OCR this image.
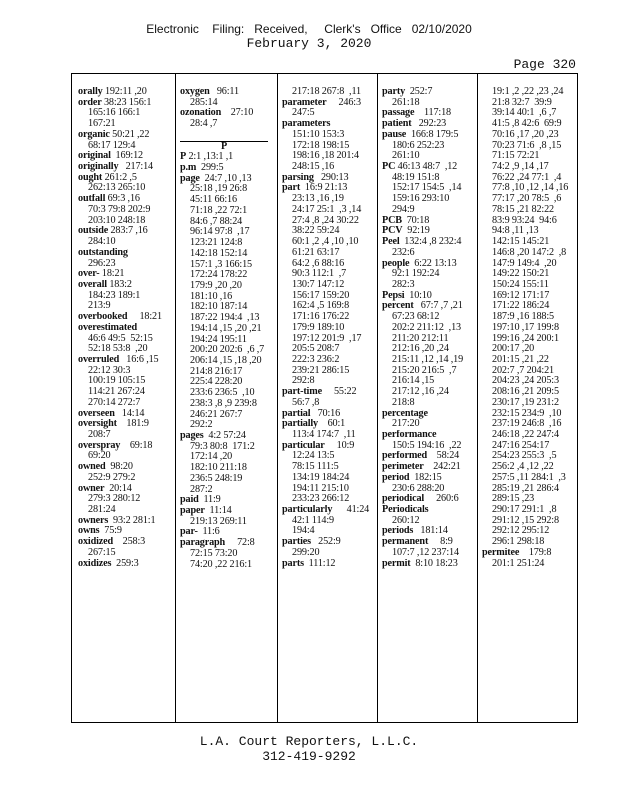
Electronic    Filing:   Received,     Clerk's   Office   02/10/2020
February 3, 2020
Page 320
orally 192:11 ,20
order 38:23 156:1
165:16 166:1
167:21
organic 50:21 ,22
68:17 129:4
original  169:12
originally   217:14
ought 261:2 ,5
262:13 265:10
outfall 69:3 ,16
70:3 79:8 202:9
203:10 248:18
outside 283:7 ,16
284:10
outstanding
296:23
over- 18:21
overall 183:2
184:23 189:1
213:9
overbooked     18:21
overestimated
46:6 49:5  52:15
52:18 53:8  ,20
overruled   16:6 ,15
22:12 30:3
100:19 105:15
114:21 267:24
270:14 272:7
overseen   14:14
oversight    181:9
208:7
overspray    69:18
69:20
owned  98:20
252:9 279:2
owner  20:14
279:3 280:12
281:24
owners  93:2 281:1
owns  75:9
oxidized    258:3
267:15
oxidizes  259:3
oxygen   96:11
285:14
ozonation    27:10
28:4 ,7
P
P 2:1 ,13:1 ,1
p.m  299:5
page  24:7 ,10 ,13
25:18 ,19 26:8
45:11 66:16
71:18 ,22 72:1
84:6 ,7 88:24
96:14 97:8  ,17
123:21 124:8
142:18 152:14
157:1 ,3 166:15
172:24 178:22
179:9 ,20 ,20
181:10 ,16
182:10 187:14
187:22 194:4  ,13
194:14 ,15 ,20 ,21
194:24 195:11
200:20 202:6  ,6 ,7
206:14 ,15 ,18 ,20
214:8 216:17
225:4 228:20
233:6 236:5  ,10
238:3 ,8 ,9 239:8
246:21 267:7
292:2
pages  4:2 57:24
79:3 80:8  171:2
172:14 ,20
182:10 211:18
236:5 248:19
287:2
paid  11:9
paper  11:14
219:13 269:11
par-  11:6
paragraph     72:8
72:15 73:20
74:20 ,22 216:1
217:18 267:8  ,11
parameter     246:3
247:5
parameters
151:10 153:3
172:18 198:15
198:16 ,18 201:4
248:15 ,16
parsing   290:13
part  16:9 21:13
23:13 ,16 ,19
24:17 25:1  ,3 ,14
27:4 ,8 ,24 30:22
38:22 59:24
60:1 ,2 ,4 ,10 ,10
61:21 63:17
64:2 ,6 88:16
90:3 112:1  ,7
130:7 147:12
156:17 159:20
162:4 ,5 169:8
171:16 176:22
179:9 189:10
197:12 201:9  ,17
205:5 208:7
222:3 236:2
239:21 286:15
292:8
part-time     55:22
56:7 ,8
partial   70:16
partially    60:1
113:4 174:7  ,11
particular     10:9
12:24 13:5
78:15 111:5
134:19 184:24
194:11 215:10
233:23 266:12
particularly      41:24
42:1 114:9
194:4
parties   252:9
299:20
parts  111:12
party  252:7
261:18
passage    117:18
patient   292:23
pause  166:8 179:5
180:6 252:23
261:10
PC 46:13 48:7  ,12
48:19 151:8
152:17 154:5  ,14
159:16 293:10
294:9
PCB  70:18
PCV  92:19
Peel  132:4 ,8 232:4
232:6
people  6:22 13:13
92:1 192:24
282:3
Pepsi  10:10
percent   67:7 ,7 ,21
67:23 68:12
202:2 211:12  ,13
211:20 212:11
212:16 ,20 ,24
215:11 ,12 ,14 ,19
215:20 216:5  ,7
216:14 ,15
217:12 ,16 ,24
218:8
percentage
217:20
performance
150:5 194:16  ,22
performed    58:24
perimeter    242:21
period  182:15
230:6 288:20
periodical     260:6
Periodicals
260:12
periods   181:14
permanent     8:9
107:7 ,12 237:14
permit  8:10 18:23
19:1 ,2 ,22 ,23 ,24
21:8 32:7  39:9
39:14 40:1  ,6 ,7
41:5 ,8 42:6  69:9
70:16 ,17 ,20 ,23
70:23 71:6  ,8 ,15
71:15 72:21
74:2 ,9 ,14 ,17
76:22 ,24 77:1  ,4
77:8 ,10 ,12 ,14 ,16
77:17 ,20 78:5  ,6
78:15 ,21 82:22
83:9 93:24  94:6
94:8 ,11 ,13
142:15 145:21
146:8 ,20 147:2  ,8
147:9 149:4  ,20
149:22 150:21
150:24 155:11
169:12 171:17
171:22 186:24
187:9 ,16 188:5
197:10 ,17 199:8
199:16 ,24 200:1
200:17 ,20
201:15 ,21 ,22
202:7 ,7 204:21
204:23 ,24 205:3
208:16 ,21 209:5
230:17 ,19 231:2
232:15 234:9  ,10
237:19 246:8  ,16
246:18 ,22 247:4
247:16 254:17
254:23 255:3  ,5
256:2 ,4 ,12 ,22
257:5 ,11 284:1  ,3
285:19 ,21 286:4
289:15 ,23
290:17 291:1  ,8
291:12 ,15 292:8
292:12 295:12
296:1 298:18
permitee    179:8
201:1 251:24
L.A. Court Reporters, L.L.C.
312-419-9292
